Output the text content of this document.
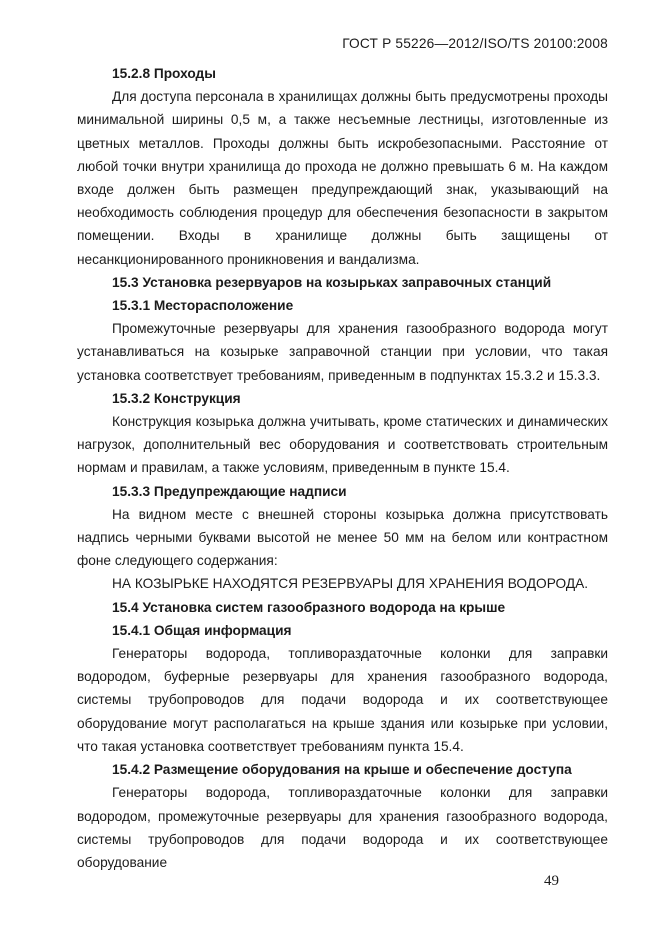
ГОСТ Р 55226—2012/ISO/TS 20100:2008

15.2.8 Проходы

Для доступа персонала в хранилищах должны быть предусмотрены проходы минимальной ширины 0,5 м, а также несъемные лестницы, изготовленные из цветных металлов. Проходы должны быть искробезопасными. Расстояние от любой точки внутри хранилища до прохода не должно превышать 6 м. На каждом входе должен быть размещен предупреждающий знак, указывающий на необходимость соблюдения процедур для обеспечения безопасности в закрытом помещении. Входы в хранилище должны быть защищены от несанкционированного проникновения и вандализма.

15.3 Установка резервуаров на козырьках заправочных станций

15.3.1 Месторасположение

Промежуточные резервуары для хранения газообразного водорода могут устанавливаться на козырьке заправочной станции при условии, что такая установка соответствует требованиям, приведенным в подпунктах 15.3.2 и 15.3.3.

15.3.2 Конструкция

Конструкция козырька должна учитывать, кроме статических и динамических нагрузок, дополнительный вес оборудования и соответствовать строительным нормам и правилам, а также условиям, приведенным в пункте 15.4.

15.3.3 Предупреждающие надписи

На видном месте с внешней стороны козырька должна присутствовать надпись черными буквами высотой не менее 50 мм на белом или контрастном фоне следующего содержания:

НА КОЗЫРЬКЕ НАХОДЯТСЯ РЕЗЕРВУАРЫ ДЛЯ ХРАНЕНИЯ ВОДОРОДА.

15.4 Установка систем газообразного водорода на крыше

15.4.1 Общая информация

Генераторы водорода, топливораздаточные колонки для заправки водородом, буферные резервуары для хранения газообразного водорода, системы трубопроводов для подачи водорода и их соответствующее оборудование могут располагаться на крыше здания или козырьке при условии, что такая установка соответствует требованиям пункта 15.4.

15.4.2 Размещение оборудования на крыше и обеспечение доступа

Генераторы водорода, топливораздаточные колонки для заправки водородом, промежуточные резервуары для хранения газообразного водорода, системы трубопроводов для подачи водорода и их соответствующее оборудование

49
